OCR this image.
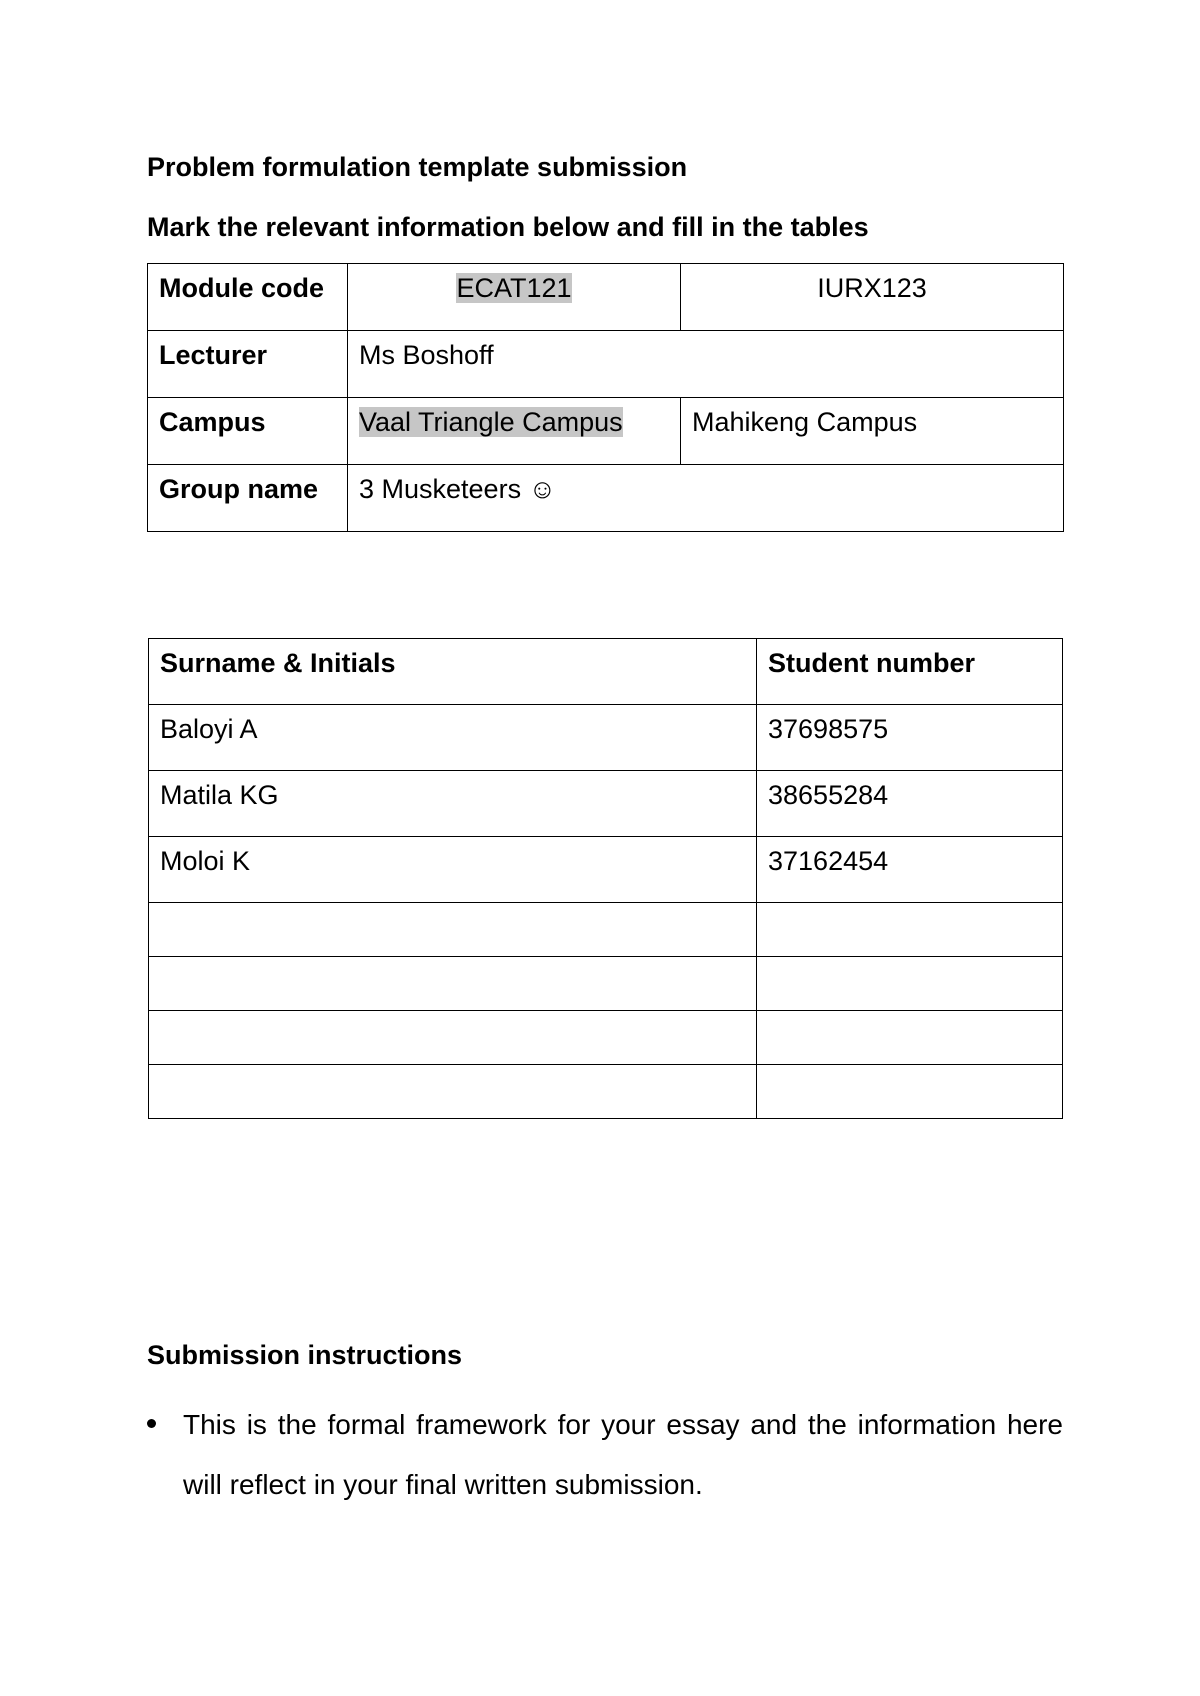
Problem formulation template submission
Mark the relevant information below and fill in the tables
Module code	ECAT121	IURX123
Lecturer	Ms Boshoff	
Campus	Vaal Triangle Campus	Mahikeng Campus
Group name	3 Musketeers ☺	
Surname & Initials	Student number
Baloyi A	37698575
Matila KG	38655284
Moloi K	37162454

Submission instructions
This is the formal framework for your essay and the information here will reflect in your final written submission.
